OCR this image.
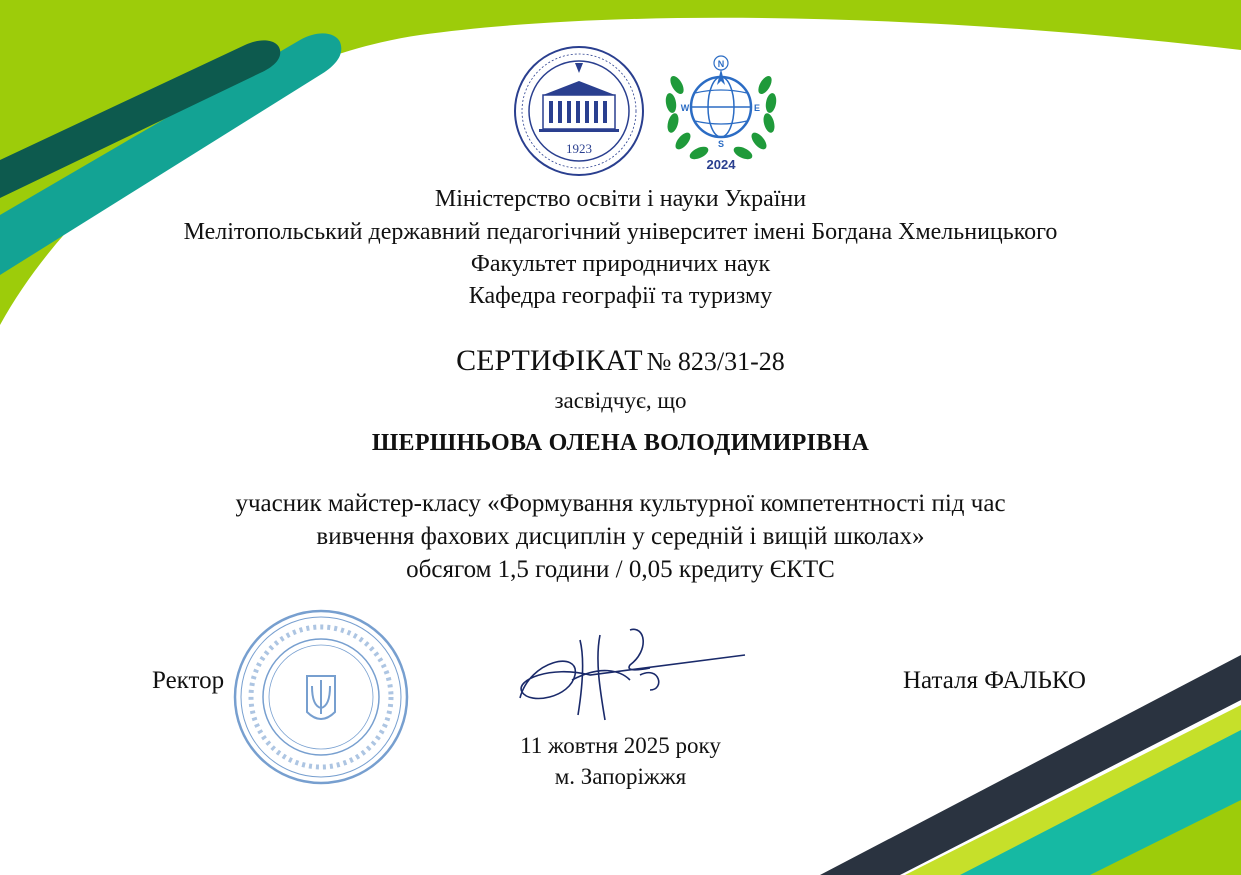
1923
N
W	E
S
2024
Міністерство освіти і науки України
Мелітопольський державний педагогічний університет імені Богдана Хмельницького
Факультет природничих наук
Кафедра географії та туризму
СЕРТИФІКАТ № 823/31-28
засвідчує, що
ШЕРШНЬОВА ОЛЕНА ВОЛОДИМИРІВНА
учасник майстер-класу «Формування культурної компетентності під час
вивчення фахових дисциплін у середній і вищій школах»
обсягом 1,5 години / 0,05 кредиту ЄКТС
Ректор	Наталя ФАЛЬКО
11 жовтня 2025 року
м. Запоріжжя
